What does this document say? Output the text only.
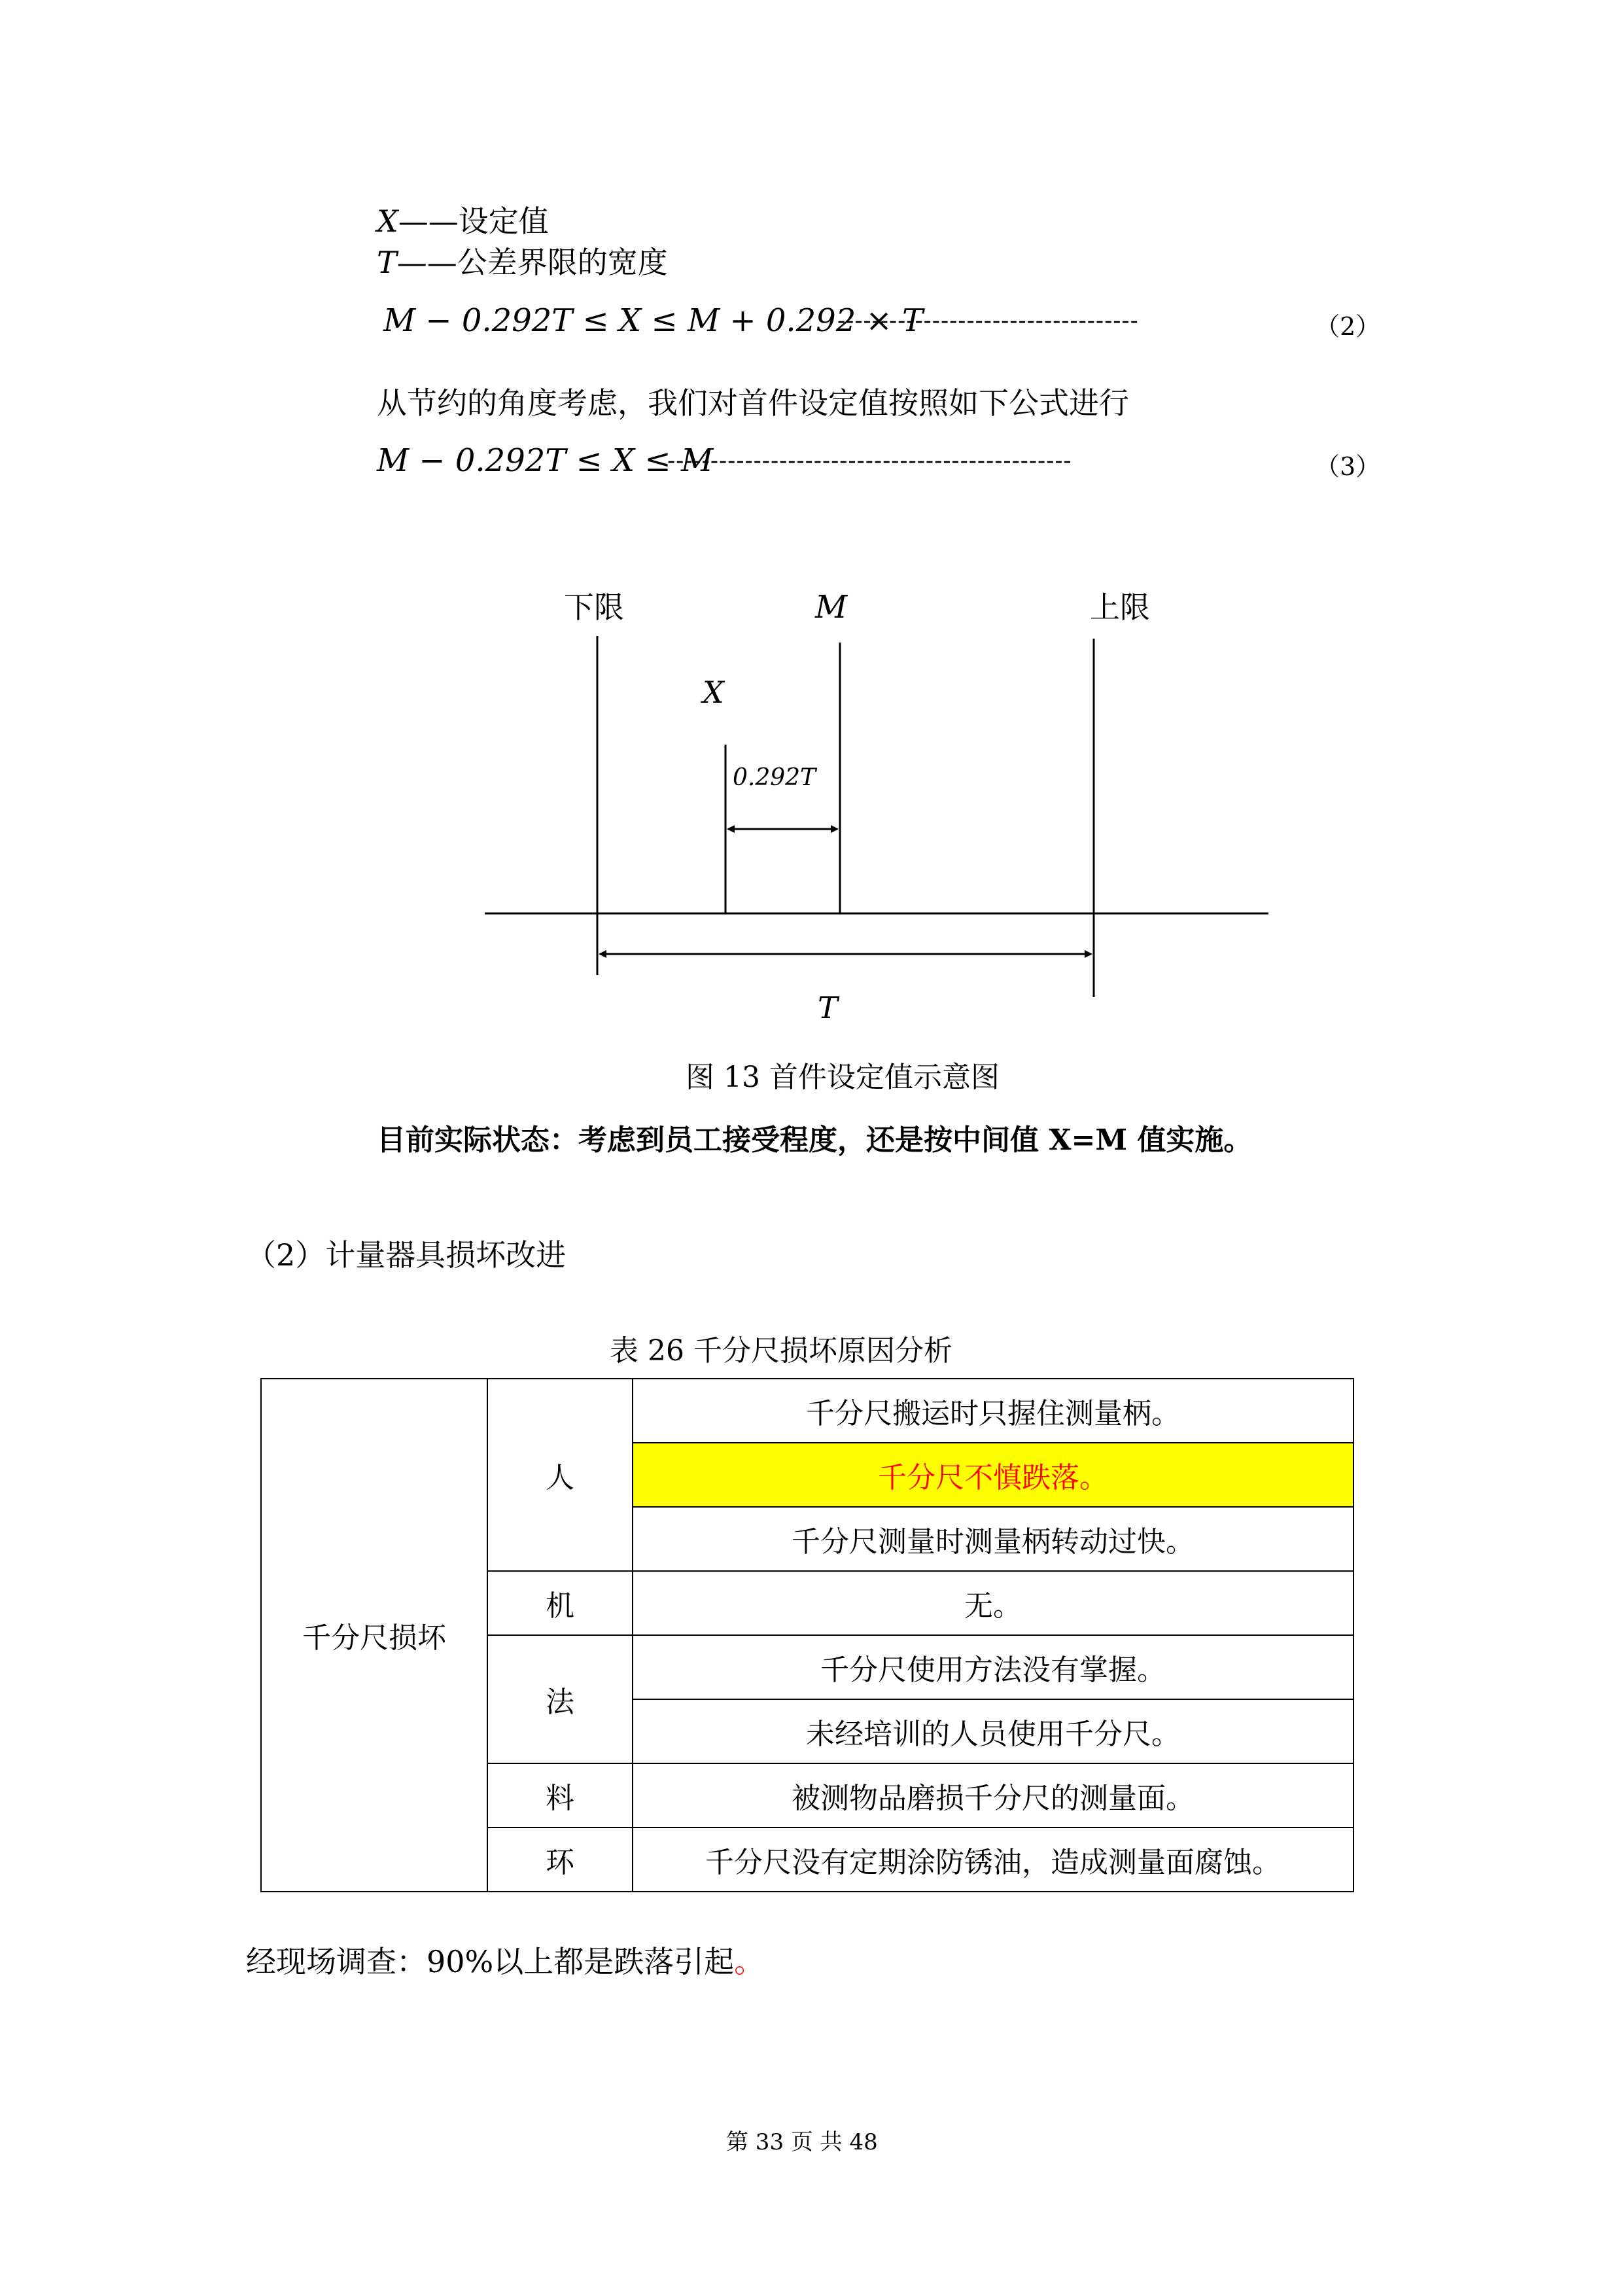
X——设定值
T——公差界限的宽度
M − 0.292T ≤ X ≤ M + 0.292 × T
-----------------------------------	（2）
从节约的角度考虑，我们对首件设定值按照如下公式进行
M − 0.292T ≤ X ≤ M
-----------------------------------------------	（3）
下限	M	上限
X
0.292T
T
图 13 首件设定值示意图
目前实际状态：考虑到员工接受程度，还是按中间值 X=M 值实施。
（2）计量器具损坏改进
表 26 千分尺损坏原因分析
千分尺损坏	人	千分尺搬运时只握住测量柄。
		千分尺不慎跌落。
		千分尺测量时测量柄转动过快。
	机	无。
	法	千分尺使用方法没有掌握。
		未经培训的人员使用千分尺。
	料	被测物品磨损千分尺的测量面。
	环	千分尺没有定期涂防锈油，造成测量面腐蚀。
经现场调查：90%以上都是跌落引起。
第 33 页 共 48
